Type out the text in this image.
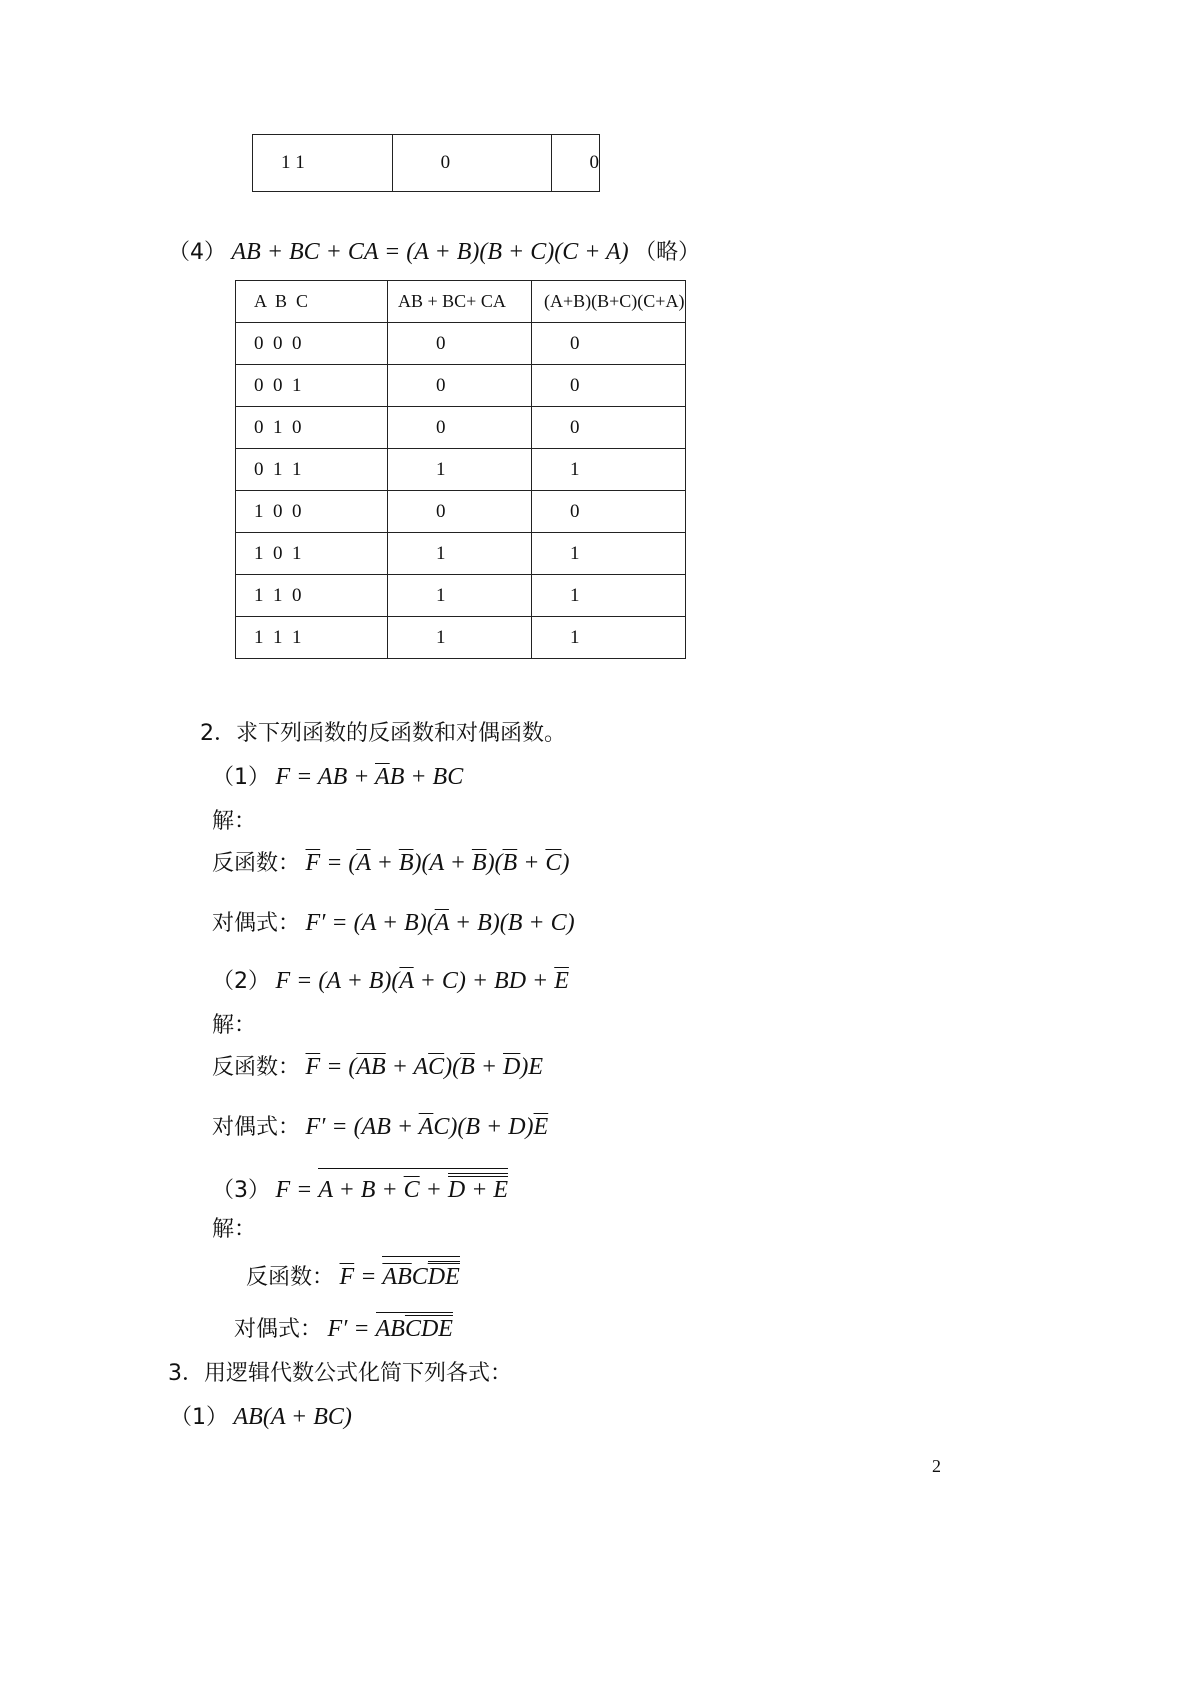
1 1	0	0
（4） AB + BC + CA = (A + B)(B + C)(C + A) （略）
A  B  C	AB + BC+ CA	(A+B)(B+C)(C+A)
0  0  0	0	0
0  0  1	0	0
0  1  0	0	0
0  1  1	1	1
1  0  0	0	0
1  0  1	1	1
1  1  0	1	1
1  1  1	1	1
2．求下列函数的反函数和对偶函数。
（1） F = AB + $\overline{A}B$ + BC
解：
反函数： $\overline{F} = (\overline{A} + \overline{B})(A + \overline{B})(\overline{B} + \overline{C})$
对偶式： $F' = (A + B)(\overline{A} + B)(B + C)$
（2） $F = (A + B)(\overline{A} + C)$ + BD + $\overline{E}$
解：
反函数： $\overline{F} = (\overline{A}\overline{B} + A\overline{C})(\overline{B} + \overline{D})E$
对偶式： $F' = (AB + \overline{A}C)(B + D)\overline{E}$
（3） $F = A + B + \overline{C} + D + E$
解：
反函数： $\overline{F} = \overline{A}\overline{B}C\overline{DE}$
对偶式： $F' = AB\overline{C}\overline{DE}$
3．用逻辑代数公式化简下列各式：
（1） AB(A + BC)
2
